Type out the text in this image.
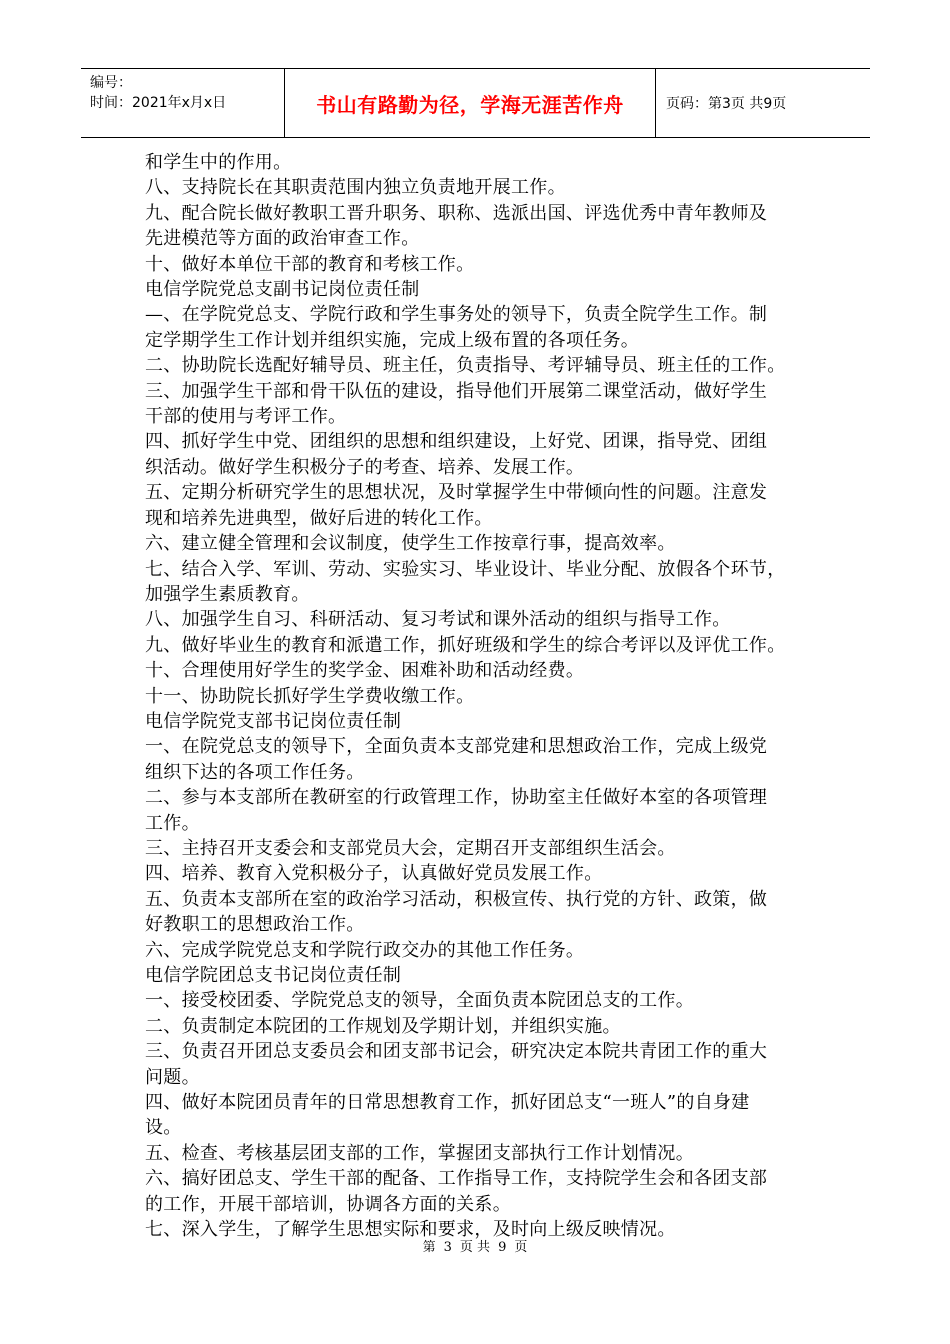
编号：
时间：2021年x月x日	书山有路勤为径，学海无涯苦作舟	页码：第3页 共9页
和学生中的作用。
八、支持院长在其职责范围内独立负责地开展工作。
九、配合院长做好教职工晋升职务、职称、选派出国、评选优秀中青年教师及
先进模范等方面的政治审查工作。
十、做好本单位干部的教育和考核工作。
电信学院党总支副书记岗位责任制
—、在学院党总支、学院行政和学生事务处的领导下，负责全院学生工作。制
定学期学生工作计划并组织实施，完成上级布置的各项任务。
二、协助院长选配好辅导员、班主任，负责指导、考评辅导员、班主任的工作。
三、加强学生干部和骨干队伍的建设，指导他们开展第二课堂活动，做好学生
干部的使用与考评工作。
四、抓好学生中党、团组织的思想和组织建设，上好党、团课，指导党、团组
织活动。做好学生积极分子的考查、培养、发展工作。
五、定期分析研究学生的思想状况，及时掌握学生中带倾向性的问题。注意发
现和培养先进典型，做好后进的转化工作。
六、建立健全管理和会议制度，使学生工作按章行事，提高效率。
七、结合入学、军训、劳动、实验实习、毕业设计、毕业分配、放假各个环节，
加强学生素质教育。
八、加强学生自习、科研活动、复习考试和课外活动的组织与指导工作。
九、做好毕业生的教育和派遣工作，抓好班级和学生的综合考评以及评优工作。
十、合理使用好学生的奖学金、困难补助和活动经费。
十一、协助院长抓好学生学费收缴工作。
电信学院党支部书记岗位责任制
一、在院党总支的领导下，全面负责本支部党建和思想政治工作，完成上级党
组织下达的各项工作任务。
二、参与本支部所在教研室的行政管理工作，协助室主任做好本室的各项管理
工作。
三、主持召开支委会和支部党员大会，定期召开支部组织生活会。
四、培养、教育入党积极分子，认真做好党员发展工作。
五、负责本支部所在室的政治学习活动，积极宣传、执行党的方针、政策，做
好教职工的思想政治工作。
六、完成学院党总支和学院行政交办的其他工作任务。
电信学院团总支书记岗位责任制
一、接受校团委、学院党总支的领导，全面负责本院团总支的工作。
二、负责制定本院团的工作规划及学期计划，并组织实施。
三、负责召开团总支委员会和团支部书记会，研究决定本院共青团工作的重大
问题。
四、做好本院团员青年的日常思想教育工作，抓好团总支“一班人”的自身建
设。
五、检查、考核基层团支部的工作，掌握团支部执行工作计划情况。
六、搞好团总支、学生干部的配备、工作指导工作，支持院学生会和各团支部
的工作，开展干部培训，协调各方面的关系。
七、深入学生，了解学生思想实际和要求，及时向上级反映情况。
第 3 页 共 9 页
